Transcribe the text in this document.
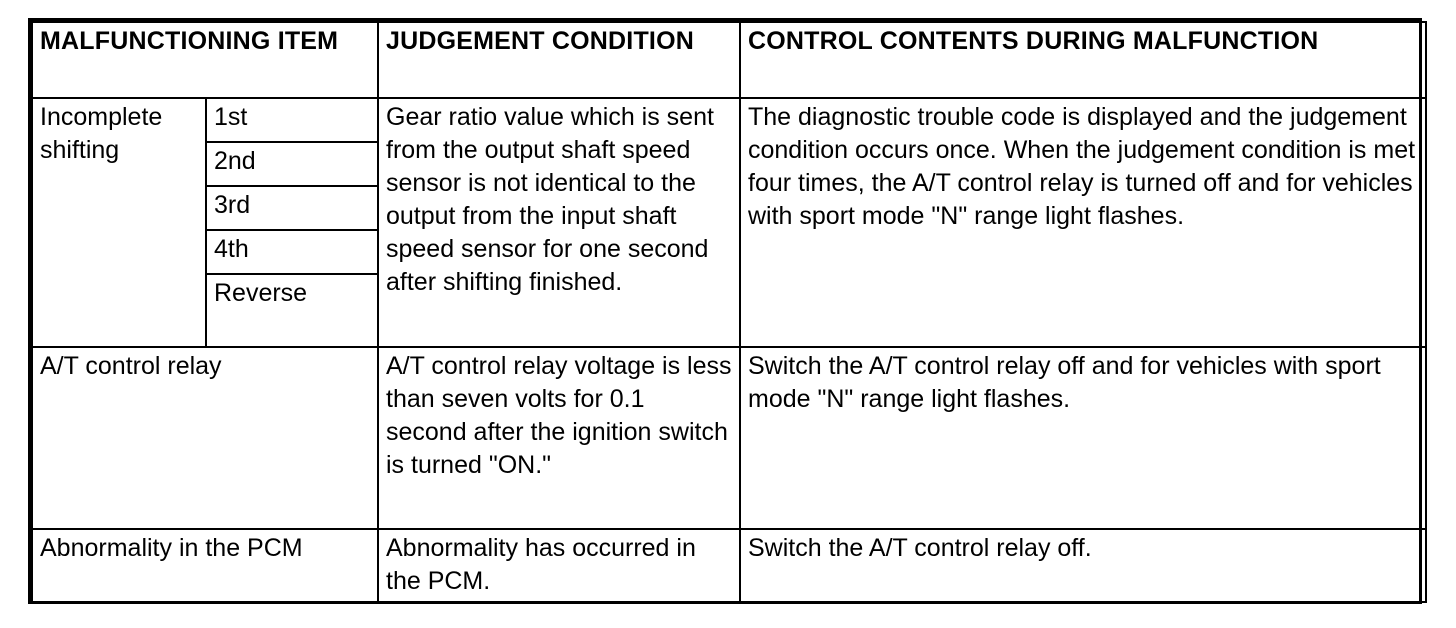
MALFUNCTIONING ITEM		JUDGEMENT CONDITION	CONTROL CONTENTS DURING MALFUNCTION
Incomplete shifting	1st	Gear ratio value which is sent from the output shaft speed sensor is not identical to the output from the input shaft speed sensor for one second after shifting finished.	The diagnostic trouble code is displayed and the judgement condition occurs once. When the judgement condition is met four times, the A/T control relay is turned off and for vehicles with sport mode "N" range light flashes.
	2nd		
	3rd		
	4th		
	Reverse		
A/T control relay		A/T control relay voltage is less than seven volts for 0.1 second after the ignition switch is turned "ON."	Switch the A/T control relay off and for vehicles with sport mode "N" range light flashes.
Abnormality in the PCM		Abnormality has occurred in the PCM.	Switch the A/T control relay off.
